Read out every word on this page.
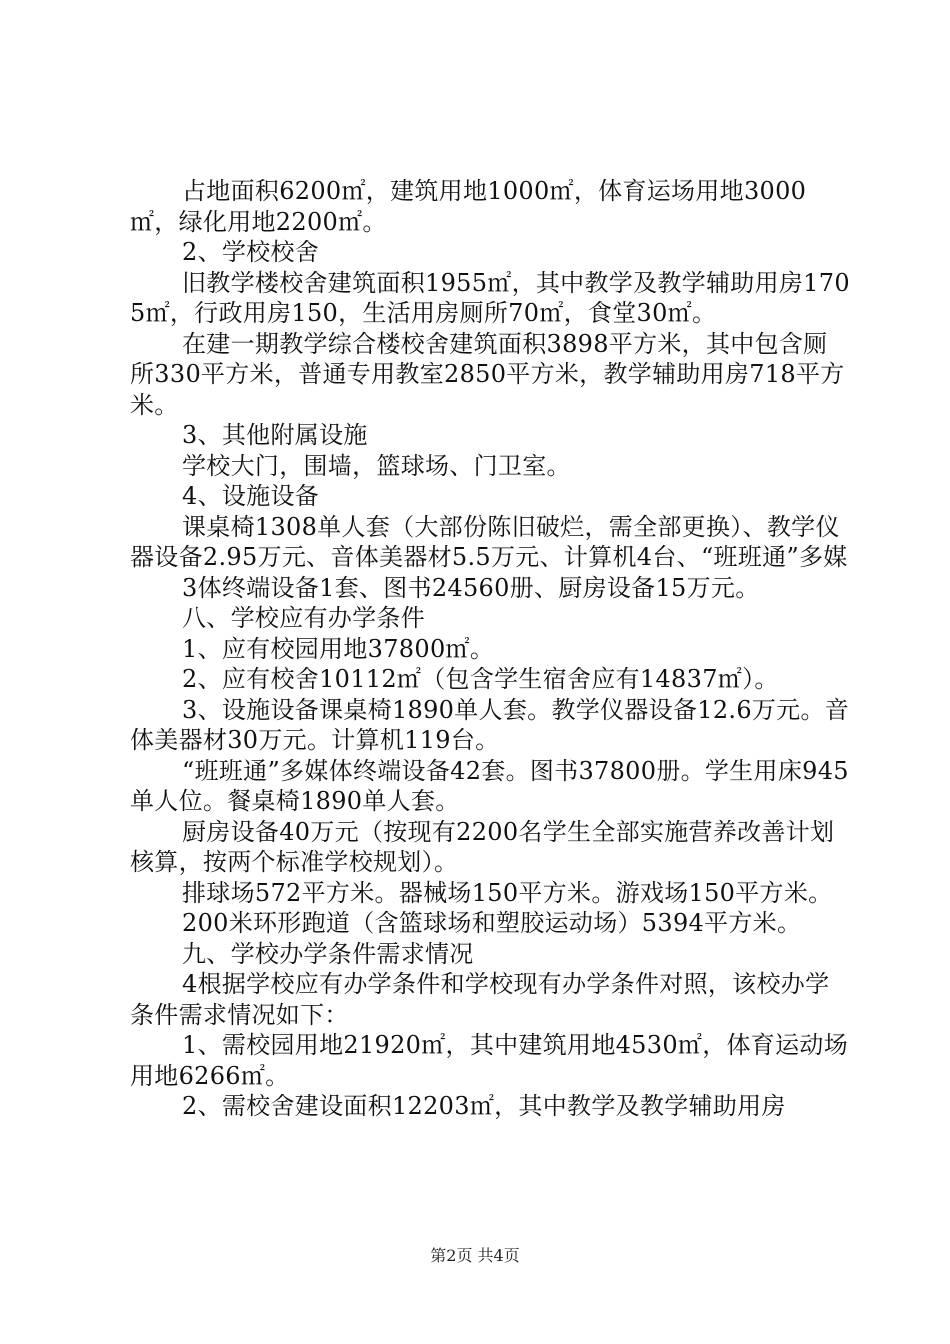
占地面积6200㎡，建筑用地1000㎡，体育运场用地3000㎡，绿化用地2200㎡。

2、学校校舍

旧教学楼校舍建筑面积1955㎡，其中教学及教学辅助用房1705㎡，行政用房150，生活用房厕所70㎡，食堂30㎡。

在建一期教学综合楼校舍建筑面积3898平方米，其中包含厕所330平方米，普通专用教室2850平方米，教学辅助用房718平方米。

3、其他附属设施

学校大门，围墙，篮球场、门卫室。

4、设施设备

课桌椅1308单人套（大部份陈旧破烂，需全部更换）、教学仪器设备2.95万元、音体美器材5.5万元、计算机4台、“班班通”多媒

3体终端设备1套、图书24560册、厨房设备15万元。

八、学校应有办学条件

1、应有校园用地37800㎡。

2、应有校舍10112㎡（包含学生宿舍应有14837㎡）。

3、设施设备课桌椅1890单人套。教学仪器设备12.6万元。音体美器材30万元。计算机119台。

“班班通”多媒体终端设备42套。图书37800册。学生用床945单人位。餐桌椅1890单人套。

厨房设备40万元（按现有2200名学生全部实施营养改善计划核算，按两个标准学校规划）。

排球场572平方米。器械场150平方米。游戏场150平方米。

200米环形跑道（含篮球场和塑胶运动场）5394平方米。

九、学校办学条件需求情况

4根据学校应有办学条件和学校现有办学条件对照，该校办学条件需求情况如下：

1、需校园用地21920㎡，其中建筑用地4530㎡，体育运动场用地6266㎡。

2、需校舍建设面积12203㎡，其中教学及教学辅助用房

第2页 共4页
